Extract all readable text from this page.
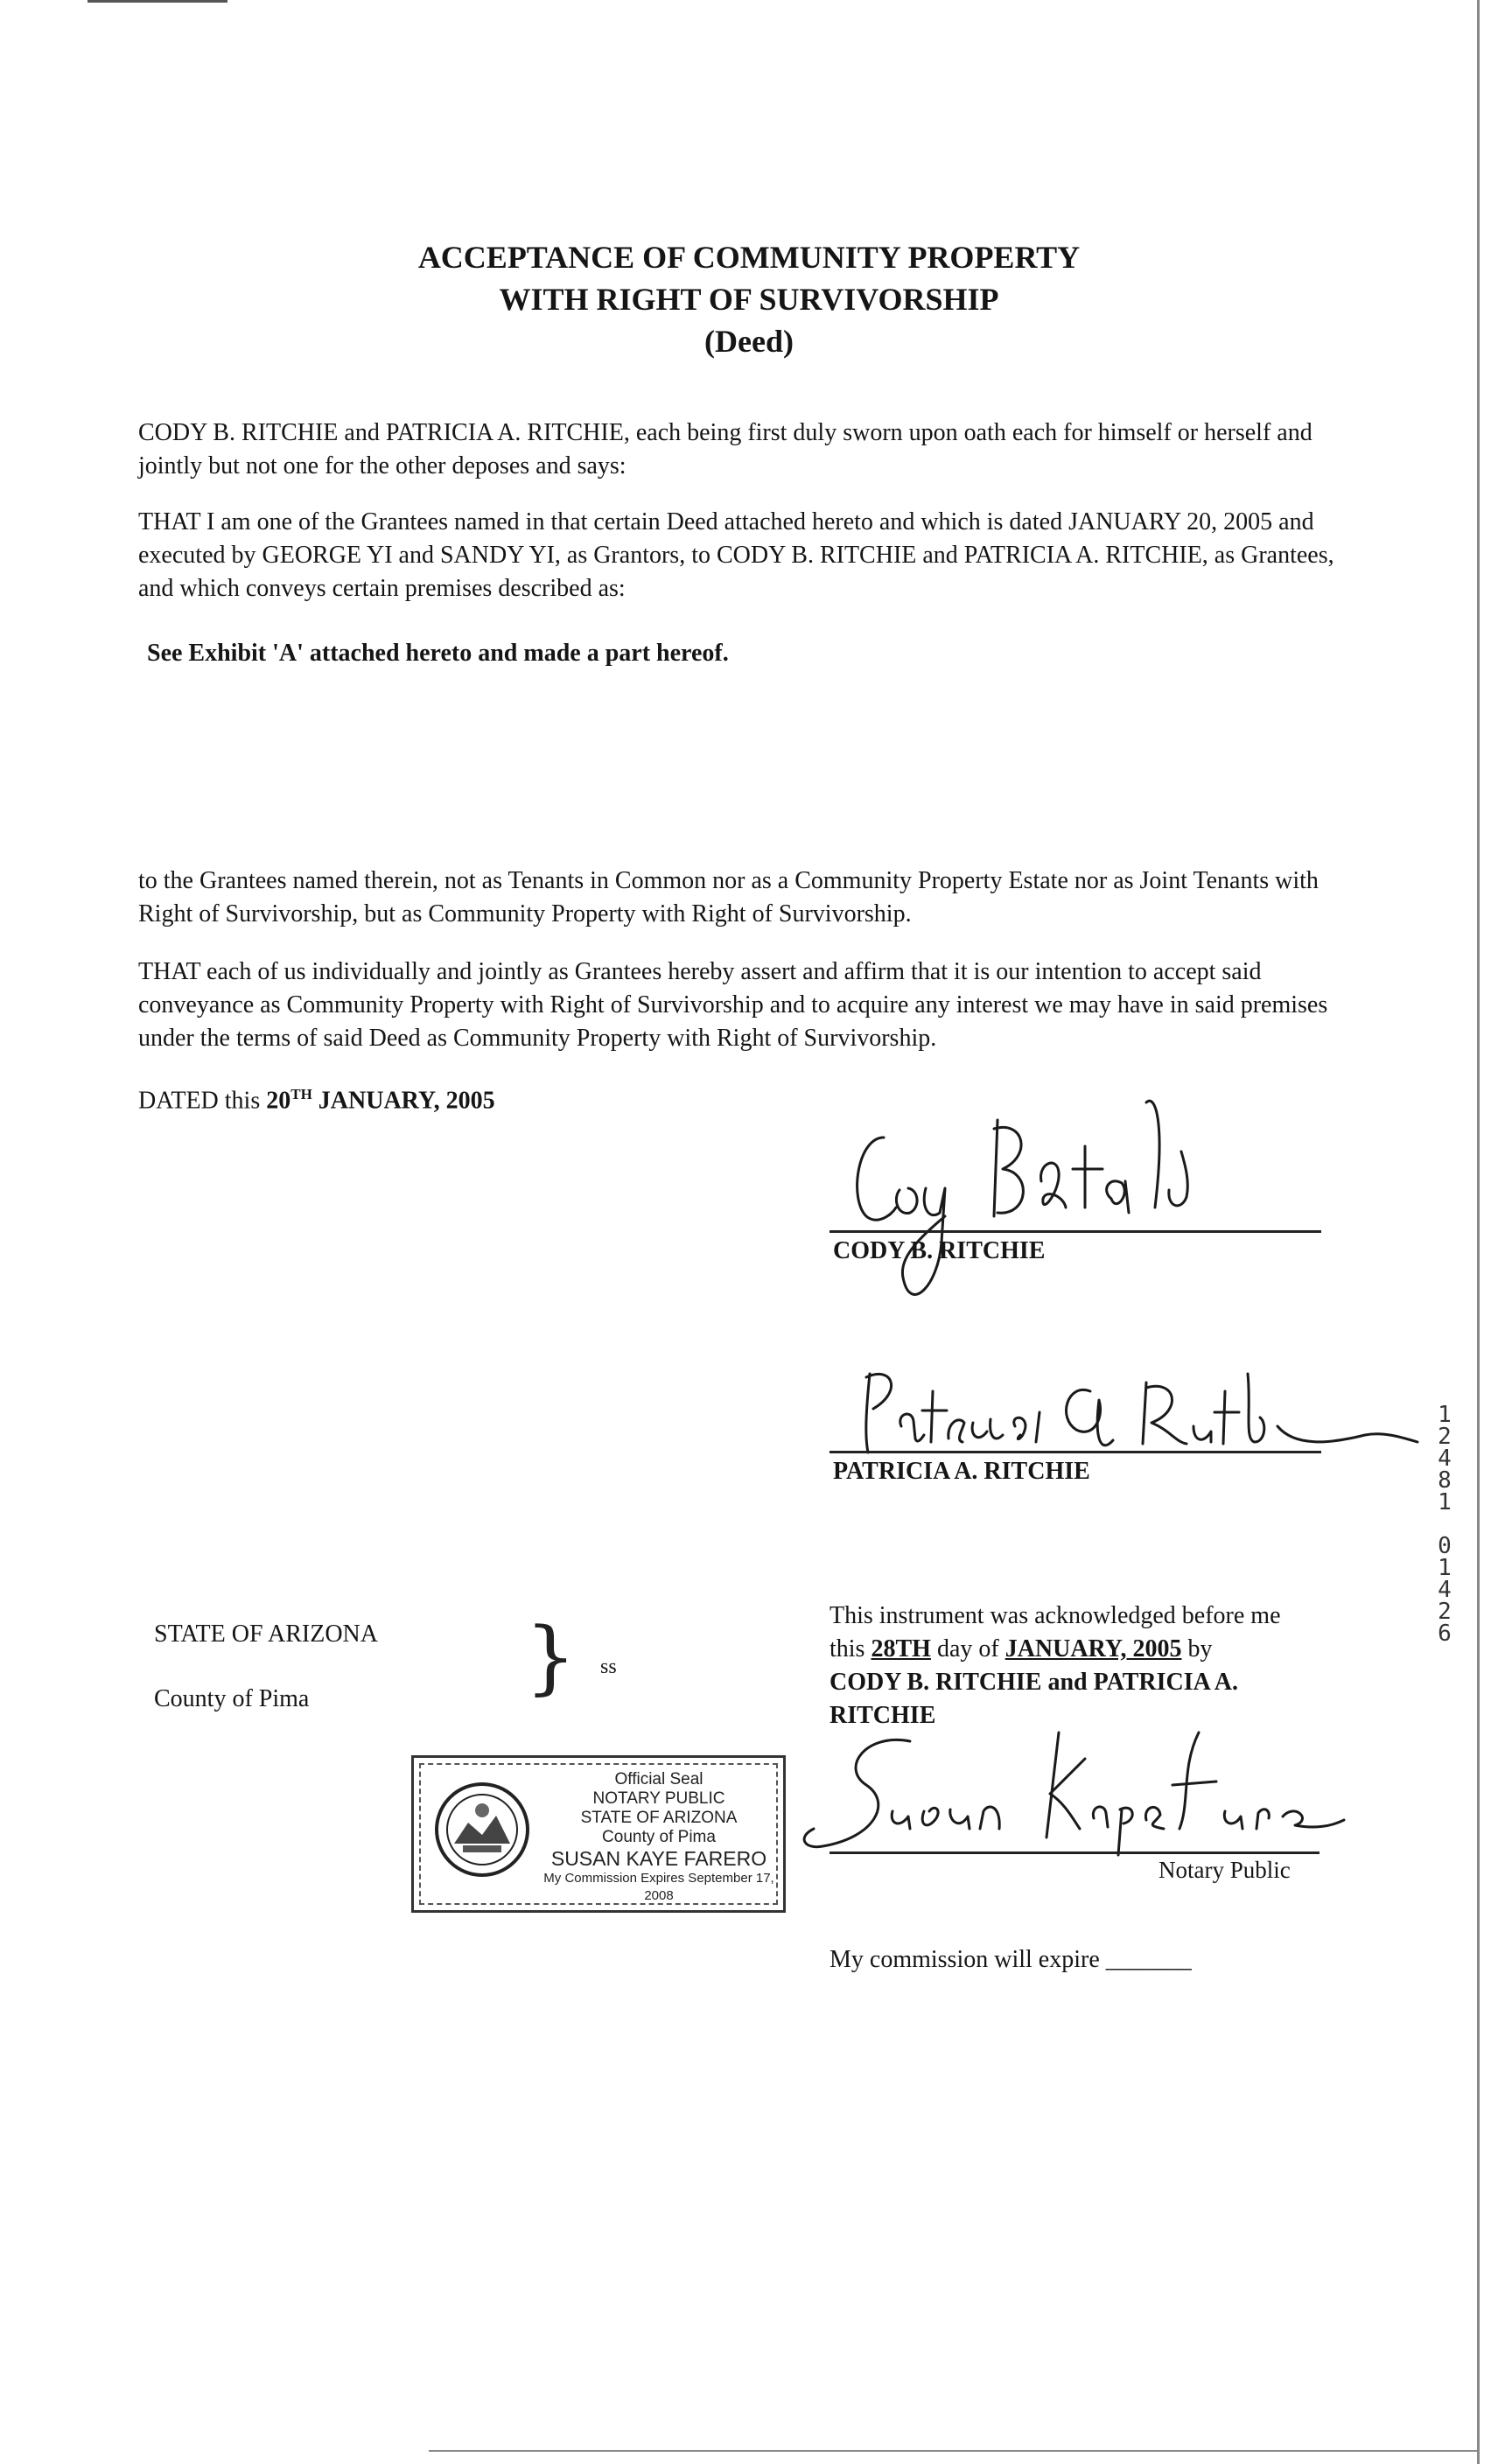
ACCEPTANCE OF COMMUNITY PROPERTY
WITH RIGHT OF SURVIVORSHIP
(Deed)
CODY B. RITCHIE and PATRICIA A. RITCHIE, each being first duly sworn upon oath each for himself or herself and jointly but not one for the other deposes and says:
THAT I am one of the Grantees named in that certain Deed attached hereto and which is dated JANUARY 20, 2005 and executed by GEORGE YI and SANDY YI, as Grantors, to CODY B. RITCHIE and PATRICIA A. RITCHIE, as Grantees, and which conveys certain premises described as:
See Exhibit 'A' attached hereto and made a part hereof.
to the Grantees named therein, not as Tenants in Common nor as a Community Property Estate nor as Joint Tenants with Right of Survivorship, but as Community Property with Right of Survivorship.
THAT each of us individually and jointly as Grantees hereby assert and affirm that it is our intention to accept said conveyance as Community Property with Right of Survivorship and to acquire any interest we may have in said premises under the terms of said Deed as Community Property with Right of Survivorship.
DATED this 20TH JANUARY, 2005
CODY B. RITCHIE
PATRICIA A. RITCHIE
1
2
4
8
1
0
1
4
2
6
STATE OF ARIZONA
County of Pima	} ss
This instrument was acknowledged before me
this 28TH day of JANUARY, 2005 by
CODY B. RITCHIE and PATRICIA A. RITCHIE
Notary Public
My commission will expire _______
Official Seal
NOTARY PUBLIC
STATE OF ARIZONA
County of Pima
SUSAN KAYE FARERO
My Commission Expires September 17, 2008
